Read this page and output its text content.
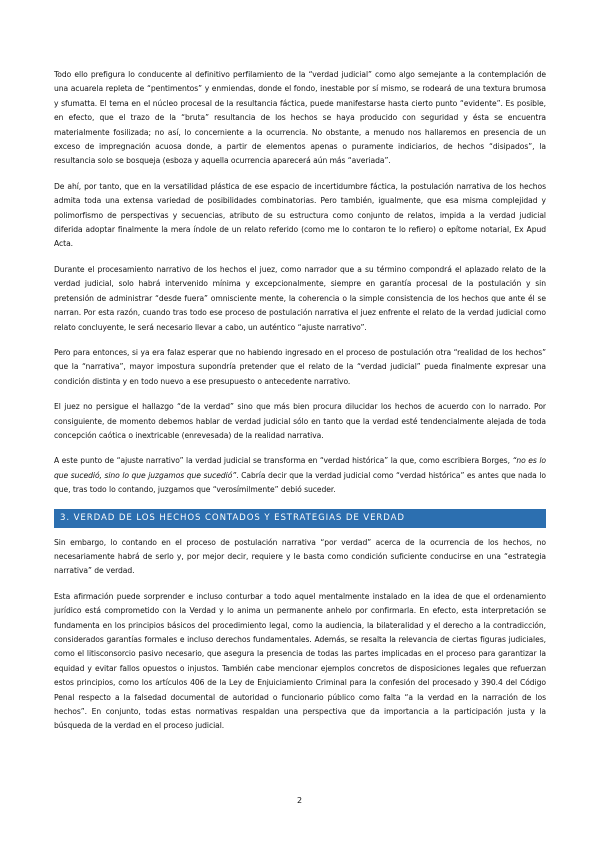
Todo ello prefigura lo conducente al definitivo perfilamiento de la “verdad judicial” como algo semejante a la contemplación de una acuarela repleta de “pentimentos” y enmiendas, donde el fondo, inestable por sí mismo, se rodeará de una textura brumosa y sfumatta. El tema en el núcleo procesal de la resultancia fáctica, puede manifestarse hasta cierto punto “evidente”. Es posible, en efecto, que el trazo de la “bruta” resultancia de los hechos se haya producido con seguridad y ésta se encuentra materialmente fosilizada; no así, lo concerniente a la ocurrencia. No obstante, a menudo nos hallaremos en presencia de un exceso de impregnación acuosa donde, a partir de elementos apenas o puramente indiciarios, de hechos “disipados”, la resultancia solo se bosqueja (esboza y aquella ocurrencia aparecerá aún más “averiada”.

De ahí, por tanto, que en la versatilidad plástica de ese espacio de incertidumbre fáctica, la postulación narrativa de los hechos admita toda una extensa variedad de posibilidades combinatorias. Pero también, igualmente, que esa misma complejidad y polimorfismo de perspectivas y secuencias, atributo de su estructura como conjunto de relatos, impida a la verdad judicial diferida adoptar finalmente la mera índole de un relato referido (como me lo contaron te lo refiero) o epítome notarial, Ex Apud Acta.

Durante el procesamiento narrativo de los hechos el juez, como narrador que a su término compondrá el aplazado relato de la verdad judicial, solo habrá intervenido mínima y excepcionalmente, siempre en garantía procesal de la postulación y sin pretensión de administrar “desde fuera” omnisciente mente, la coherencia o la simple consistencia de los hechos que ante él se narran. Por esta razón, cuando tras todo ese proceso de postulación narrativa el juez enfrente el relato de la verdad judicial como relato concluyente, le será necesario llevar a cabo, un auténtico “ajuste narrativo”.

Pero para entonces, si ya era falaz esperar que no habiendo ingresado en el proceso de postulación otra “realidad de los hechos” que la “narrativa”, mayor impostura supondría pretender que el relato de la “verdad judicial” pueda finalmente expresar una condición distinta y en todo nuevo a ese presupuesto o antecedente narrativo.

El juez no persigue el hallazgo “de la verdad” sino que más bien procura dilucidar los hechos de acuerdo con lo narrado. Por consiguiente, de momento debemos hablar de verdad judicial sólo en tanto que la verdad esté tendencialmente alejada de toda concepción caótica o inextricable (enrevesada) de la realidad narrativa.

A este punto de “ajuste narrativo” la verdad judicial se transforma en “verdad histórica” la que, como escribiera Borges, “no es lo que sucedió, sino lo que juzgamos que sucedió”. Cabría decir que la verdad judicial como “verdad histórica” es antes que nada lo que, tras todo lo contando, juzgamos que “verosímilmente” debió suceder.

3. VERDAD DE LOS HECHOS CONTADOS Y ESTRATEGIAS DE VERDAD

Sin embargo, lo contando en el proceso de postulación narrativa “por verdad” acerca de la ocurrencia de los hechos, no necesariamente habrá de serlo y, por mejor decir, requiere y le basta como condición suficiente conducirse en una “estrategia narrativa” de verdad.

Esta afirmación puede sorprender e incluso conturbar a todo aquel mentalmente instalado en la idea de que el ordenamiento jurídico está comprometido con la Verdad y lo anima un permanente anhelo por confirmarla. En efecto, esta interpretación se fundamenta en los principios básicos del procedimiento legal, como la audiencia, la bilateralidad y el derecho a la contradicción, considerados garantías formales e incluso derechos fundamentales. Además, se resalta la relevancia de ciertas figuras judiciales, como el litisconsorcio pasivo necesario, que asegura la presencia de todas las partes implicadas en el proceso para garantizar la equidad y evitar fallos opuestos o injustos. También cabe mencionar ejemplos concretos de disposiciones legales que refuerzan estos principios, como los artículos 406 de la Ley de Enjuiciamiento Criminal para la confesión del procesado y 390.4 del Código Penal respecto a la falsedad documental de autoridad o funcionario público como falta “a la verdad en la narración de los hechos”. En conjunto, todas estas normativas respaldan una perspectiva que da importancia a la participación justa y la búsqueda de la verdad en el proceso judicial.

2
